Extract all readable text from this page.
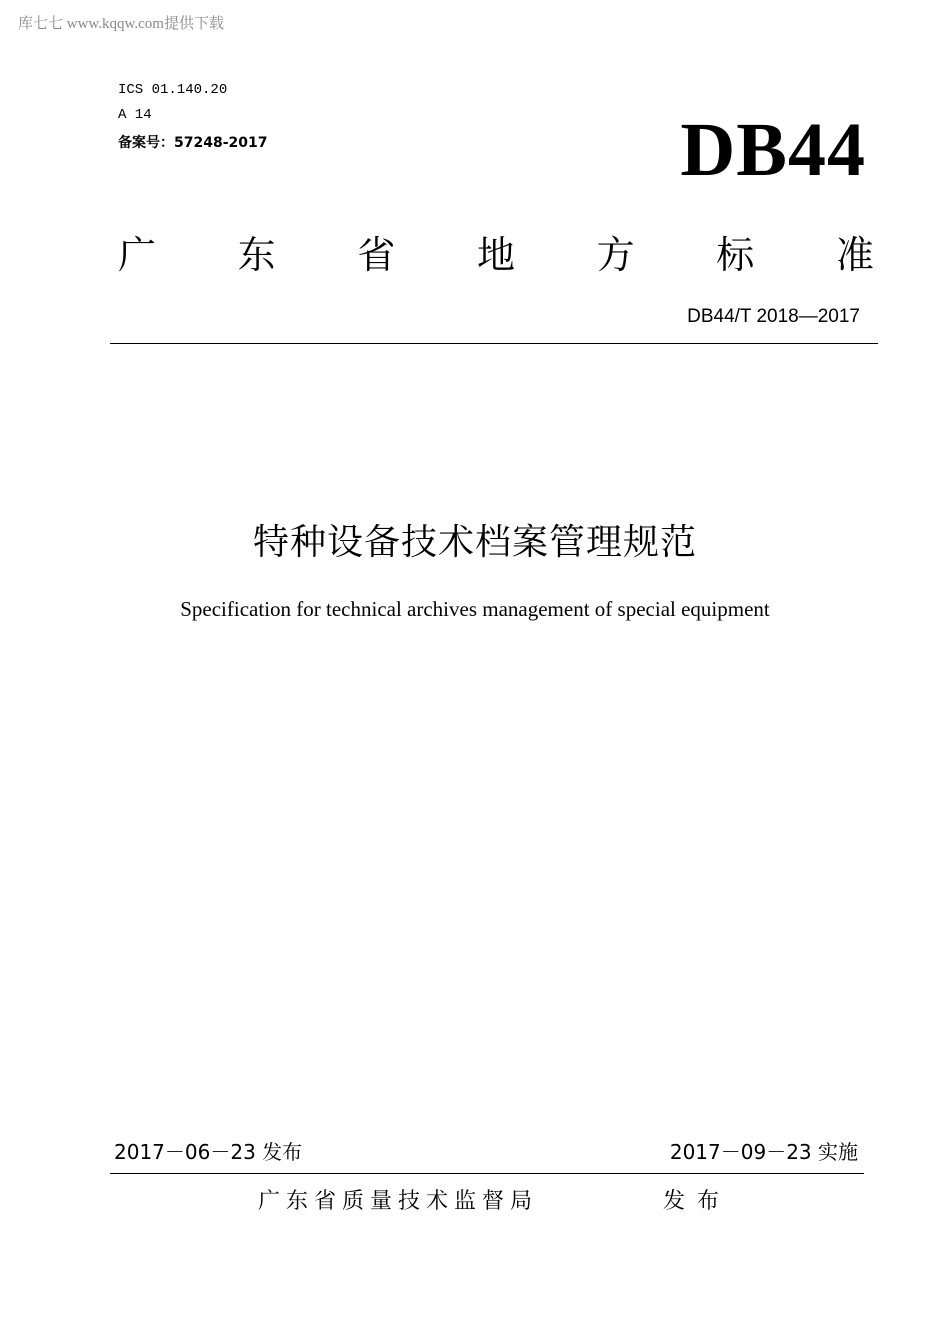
库七七 www.kqqw.com提供下载
ICS 01.140.20
A 14
备案号：57248-2017	DB44
广 东 省 地 方 标 准
DB44/T 2018—2017
特种设备技术档案管理规范
Specification for technical archives management of special equipment
2017－06－23 发布	2017－09－23 实施
广东省质量技术监督局	发布
